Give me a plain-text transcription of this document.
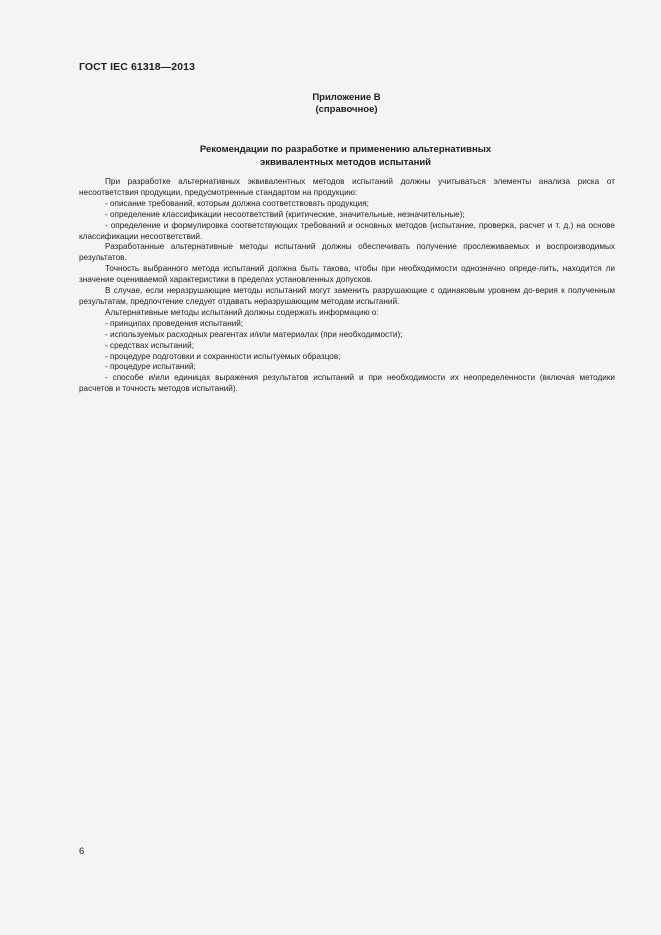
ГОСТ IEC 61318—2013
Приложение В
(справочное)
Рекомендации по разработке и применению альтернативных
эквивалентных методов испытаний

При разработке альтернативных эквивалентных методов испытаний должны учитываться элементы анализа риска от несоответствия продукции, предусмотренные стандартом на продукцию:

- описание требований, которым должна соответствовать продукция;

- определение классификации несоответствий (критические, значительные, незначительные);

- определение и формулировка соответствующих требований и основных методов (испытание, проверка, расчет и т. д.) на основе классификации несоответствий.

Разработанные альтернативные методы испытаний должны обеспечивать получение прослеживаемых и воспроизводимых результатов.

Точность выбранного метода испытаний должна быть такова, чтобы при необходимости однозначно опреде-лить, находится ли значение оцениваемой характеристики в пределах установленных допусков.

В случае, если неразрушающие методы испытаний могут заменить разрушающие с одинаковым уровнем до-верия к полученным результатам, предпочтение следует отдавать неразрушающим методам испытаний.

Альтернативные методы испытаний должны содержать информацию о:

- принципах проведения испытаний;

- используемых расходных реагентах и/или материалах (при необходимости);

- средствах испытаний;

- процедуре подготовки и сохранности испытуемых образцов;

- процедуре испытаний;

- способе и/или единицах выражения результатов испытаний и при необходимости их неопределенности (включая методики расчетов и точность методов испытаний).

6
